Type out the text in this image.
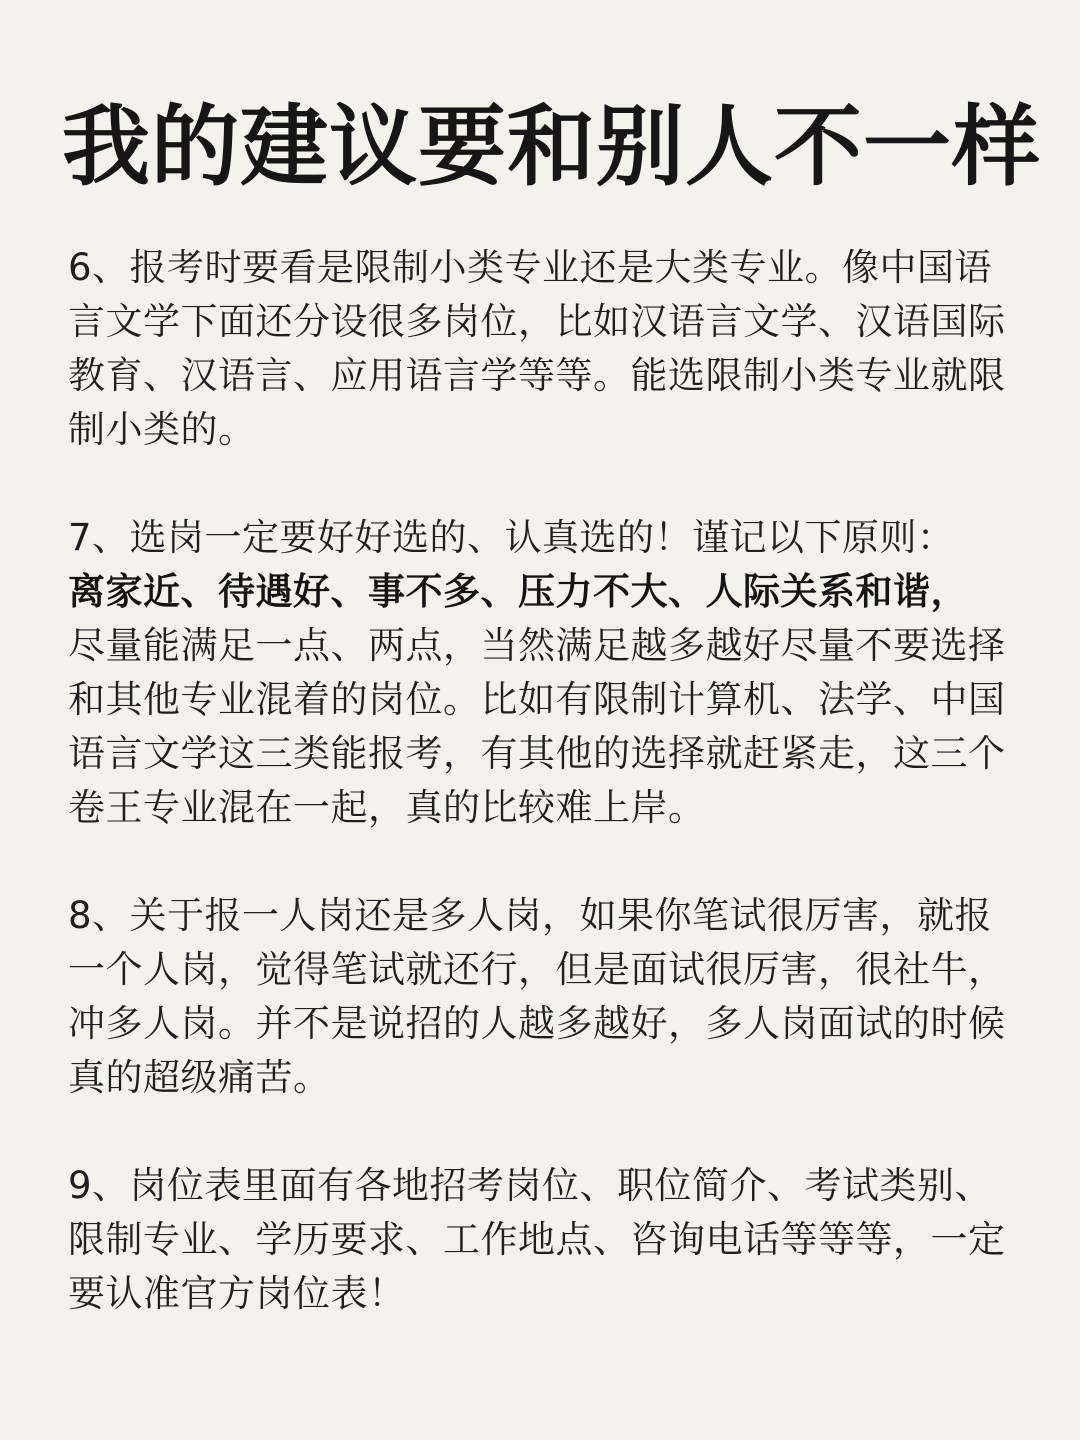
我的建议要和别人不一样

6、报考时要看是限制小类专业还是大类专业。像中国语言文学下面还分设很多岗位，比如汉语言文学、汉语国际教育、汉语言、应用语言学等等。能选限制小类专业就限制小类的。

7、选岗一定要好好选的、认真选的！谨记以下原则：
离家近、待遇好、事不多、压力不大、人际关系和谐，
尽量能满足一点、两点，当然满足越多越好尽量不要选择和其他专业混着的岗位。比如有限制计算机、法学、中国语言文学这三类能报考，有其他的选择就赶紧走，这三个卷王专业混在一起，真的比较难上岸。

8、关于报一人岗还是多人岗，如果你笔试很厉害，就报一个人岗，觉得笔试就还行，但是面试很厉害，很社牛，冲多人岗。并不是说招的人越多越好，多人岗面试的时候真的超级痛苦。

9、岗位表里面有各地招考岗位、职位简介、考试类别、限制专业、学历要求、工作地点、咨询电话等等等，一定要认准官方岗位表！
